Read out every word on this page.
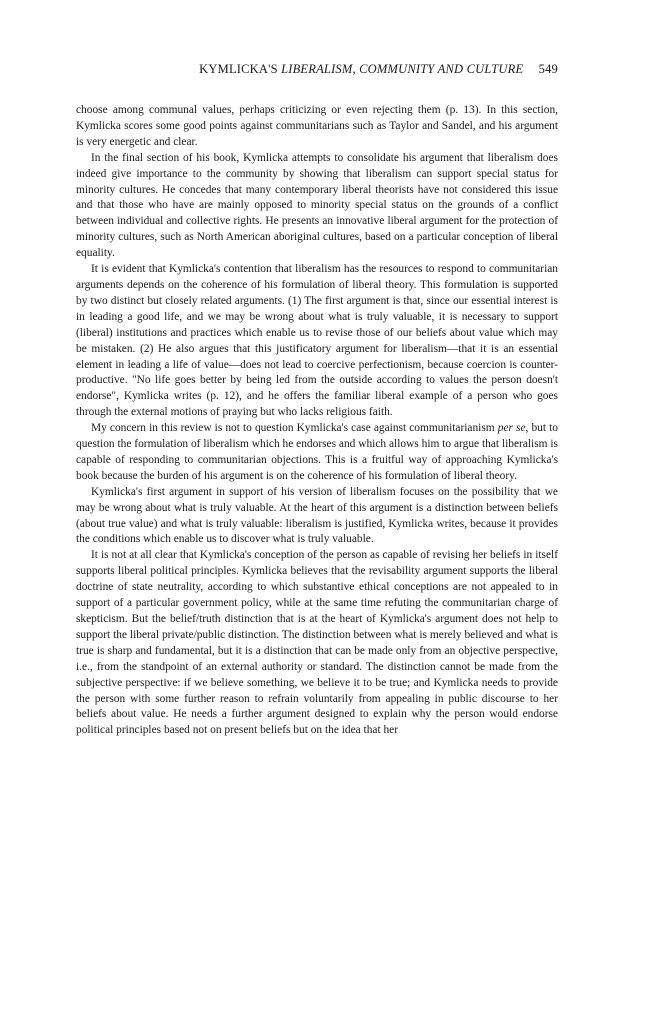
KYMLICKA'S LIBERALISM, COMMUNITY AND CULTURE 549

choose among communal values, perhaps criticizing or even rejecting them (p. 13). In this section, Kymlicka scores some good points against communitarians such as Taylor and Sandel, and his argument is very energetic and clear.

In the final section of his book, Kymlicka attempts to consolidate his argument that liberalism does indeed give importance to the community by showing that liberalism can support special status for minority cultures. He concedes that many contemporary liberal theorists have not considered this issue and that those who have are mainly opposed to minority special status on the grounds of a conflict between individual and collective rights. He presents an innovative liberal argument for the protection of minority cultures, such as North American aboriginal cultures, based on a particular conception of liberal equality.

It is evident that Kymlicka's contention that liberalism has the resources to respond to communitarian arguments depends on the coherence of his formulation of liberal theory. This formulation is supported by two distinct but closely related arguments. (1) The first argument is that, since our essential interest is in leading a good life, and we may be wrong about what is truly valuable, it is necessary to support (liberal) institutions and practices which enable us to revise those of our beliefs about value which may be mistaken. (2) He also argues that this justificatory argument for liberalism—that it is an essential element in leading a life of value—does not lead to coercive perfectionism, because coercion is counter-productive. "No life goes better by being led from the outside according to values the person doesn't endorse", Kymlicka writes (p. 12), and he offers the familiar liberal example of a person who goes through the external motions of praying but who lacks religious faith.

My concern in this review is not to question Kymlicka's case against communitarianism per se, but to question the formulation of liberalism which he endorses and which allows him to argue that liberalism is capable of responding to communitarian objections. This is a fruitful way of approaching Kymlicka's book because the burden of his argument is on the coherence of his formulation of liberal theory.

Kymlicka's first argument in support of his version of liberalism focuses on the possibility that we may be wrong about what is truly valuable. At the heart of this argument is a distinction between beliefs (about true value) and what is truly valuable: liberalism is justified, Kymlicka writes, because it provides the conditions which enable us to discover what is truly valuable.

It is not at all clear that Kymlicka's conception of the person as capable of revising her beliefs in itself supports liberal political principles. Kymlicka believes that the revisability argument supports the liberal doctrine of state neutrality, according to which substantive ethical conceptions are not appealed to in support of a particular government policy, while at the same time refuting the communitarian charge of skepticism. But the belief/truth distinction that is at the heart of Kymlicka's argument does not help to support the liberal private/public distinction. The distinction between what is merely believed and what is true is sharp and fundamental, but it is a distinction that can be made only from an objective perspective, i.e., from the standpoint of an external authority or standard. The distinction cannot be made from the subjective perspective: if we believe something, we believe it to be true; and Kymlicka needs to provide the person with some further reason to refrain voluntarily from appealing in public discourse to her beliefs about value. He needs a further argument designed to explain why the person would endorse political principles based not on present beliefs but on the idea that her
